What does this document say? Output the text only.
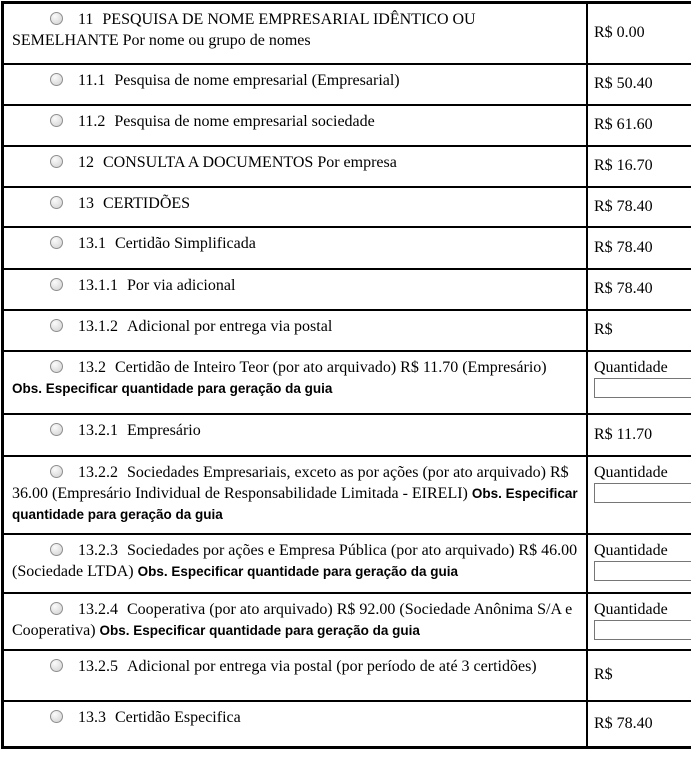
11 PESQUISA DE NOME EMPRESARIAL IDÊNTICO OU SEMELHANTE Por nome ou grupo de nomes	R$ 0.00
11.1 Pesquisa de nome empresarial (Empresarial)	R$ 50.40
11.2 Pesquisa de nome empresarial sociedade	R$ 61.60
12 CONSULTA A DOCUMENTOS Por empresa	R$ 16.70
13 CERTIDÕES	R$ 78.40
13.1 Certidão Simplificada	R$ 78.40
13.1.1 Por via adicional	R$ 78.40
13.1.2 Adicional por entrega via postal	R$
13.2 Certidão de Inteiro Teor (por ato arquivado) R$ 11.70 (Empresário) Obs. Especificar quantidade para geração da guia	Quantidade

13.2.1 Empresário	R$ 11.70
13.2.2 Sociedades Empresariais, exceto as por ações (por ato arquivado) R$ 36.00 (Empresário Individual de Responsabilidade Limitada - EIRELI) Obs. Especificar quantidade para geração da guia	Quantidade

13.2.3 Sociedades por ações e Empresa Pública (por ato arquivado) R$ 46.00 (Sociedade LTDA) Obs. Especificar quantidade para geração da guia	Quantidade

13.2.4 Cooperativa (por ato arquivado) R$ 92.00 (Sociedade Anônima S/A e Cooperativa) Obs. Especificar quantidade para geração da guia	Quantidade

13.2.5 Adicional por entrega via postal (por período de até 3 certidões)	R$
13.3 Certidão Especifica	R$ 78.40
